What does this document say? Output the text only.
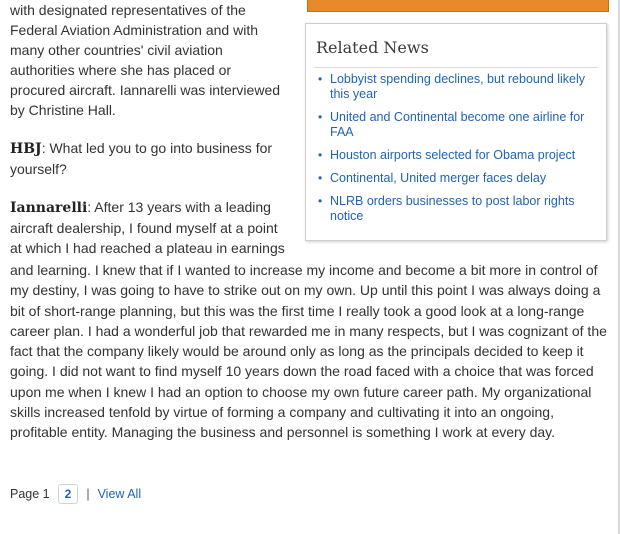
with designated representatives of the Federal Aviation Administration and with many other countries' civil aviation authorities where she has placed or procured aircraft. Iannarelli was interviewed by Christine Hall.

HBJ: What led you to go into business for yourself?

Iannarelli: After 13 years with a leading aircraft dealership, I found myself at a point at which I had reached a plateau in earnings

and learning. I knew that if I wanted to increase my income and become a bit more in control of my destiny, I was going to have to strike out on my own. Up until this point I was always doing a bit of short-range planning, but this was the first time I really took a good look at a long-range career plan. I had a wonderful job that rewarded me in many respects, but I was cognizant of the fact that the company likely would be around only as long as the principals decided to keep it going. I did not want to find myself 10 years down the road faced with a choice that was forced upon me when I knew I had an option to choose my own future career path. My organizational skills increased tenfold by virtue of forming a company and cultivating it into an ongoing, profitable entity. Managing the business and personnel is something I work at every day.
Related News
• Lobbyist spending declines, but rebound likely this year
• United and Continental become one airline for FAA
• Houston airports selected for Obama project
• Continental, United merger faces delay
• NLRB orders businesses to post labor rights notice
Page 1	2	| View All
